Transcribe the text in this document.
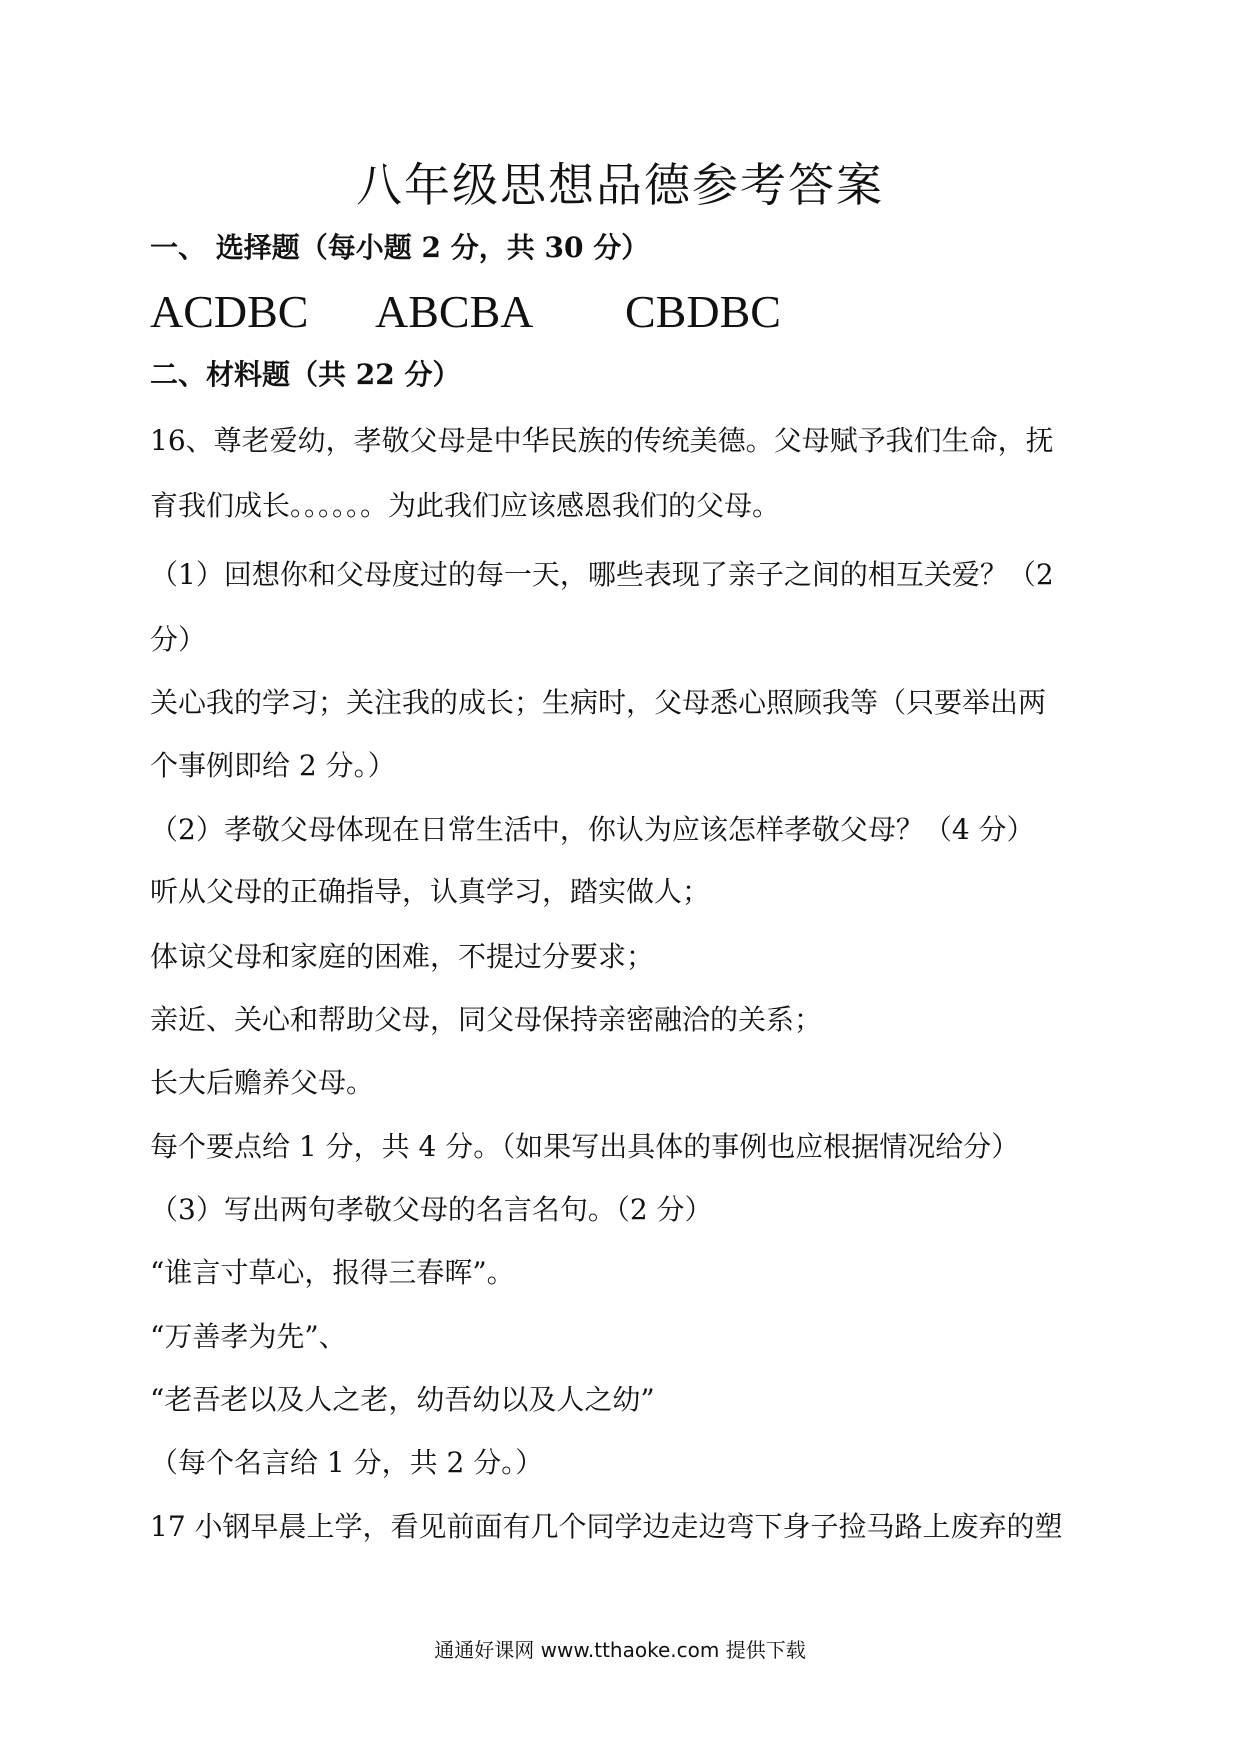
八年级思想品德参考答案
一、 选择题（每小题 2 分，共 30 分）
ACDBC ABCBA CBDBC
二、材料题（共 22 分）
16、尊老爱幼，孝敬父母是中华民族的传统美德。父母赋予我们生命，抚
育我们成长。。。。。。为此我们应该感恩我们的父母。
（1）回想你和父母度过的每一天，哪些表现了亲子之间的相互关爱？（2
分）
关心我的学习；关注我的成长；生病时，父母悉心照顾我等（只要举出两
个事例即给 2 分。）
（2）孝敬父母体现在日常生活中，你认为应该怎样孝敬父母？（4 分）
听从父母的正确指导，认真学习，踏实做人；
体谅父母和家庭的困难，不提过分要求；
亲近、关心和帮助父母，同父母保持亲密融洽的关系；
长大后赡养父母。
每个要点给 1 分，共 4 分。（如果写出具体的事例也应根据情况给分）
（3）写出两句孝敬父母的名言名句。（2 分）
“谁言寸草心，报得三春晖”。
“万善孝为先”、
“老吾老以及人之老，幼吾幼以及人之幼”
（每个名言给 1 分，共 2 分。）
17 小钢早晨上学，看见前面有几个同学边走边弯下身子捡马路上废弃的塑
通通好课网 www.tthaoke.com 提供下载
